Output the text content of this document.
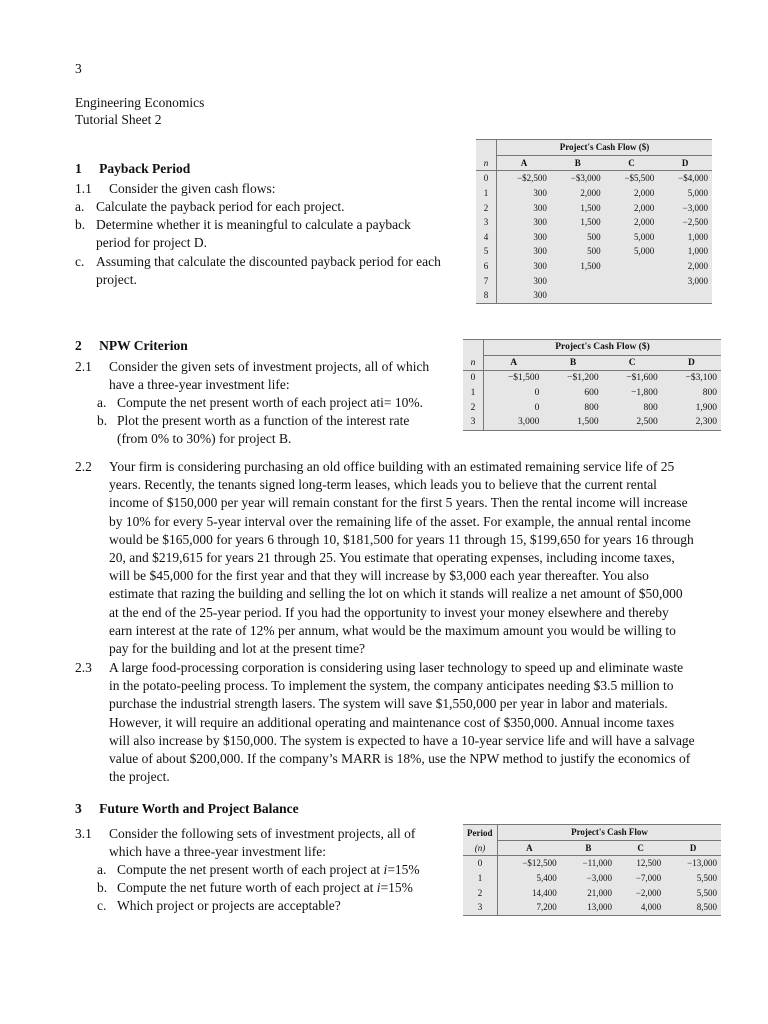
3
Engineering Economics
Tutorial Sheet 2
1 Payback Period
1.1 Consider the given cash flows:
a. Calculate the payback period for each project.
b. Determine whether it is meaningful to calculate a payback
period for project D.
c. Assuming that calculate the discounted payback period for each
project.
	Project's Cash Flow ($)			
n	A	B	C	D
0	−$2,500	−$3,000	−$5,500	−$4,000
1	300	2,000	2,000	5,000
2	300	1,500	2,000	−3,000
3	300	1,500	2,000	−2,500
4	300	500	5,000	1,000
5	300	500	5,000	1,000
6	300	1,500		2,000
7	300			3,000
8	300			
2 NPW Criterion
2.1 Consider the given sets of investment projects, all of which
have a three-year investment life:
a. Compute the net present worth of each project ati= 10%.
b. Plot the present worth as a function of the interest rate
(from 0% to 30%) for project B.
	Project's Cash Flow ($)			
n	A	B	C	D
0	−$1,500	−$1,200	−$1,600	−$3,100
1	0	600	−1,800	800
2	0	800	800	1,900
3	3,000	1,500	2,500	2,300
2.2 Your firm is considering purchasing an old office building with an estimated remaining service life of 25 years. Recently, the tenants signed long-term leases, which leads you to believe that the current rental income of $150,000 per year will remain constant for the first 5 years. Then the rental income will increase by 10% for every 5-year interval over the remaining life of the asset. For example, the annual rental income would be $165,000 for years 6 through 10, $181,500 for years 11 through 15, $199,650 for years 16 through 20, and $219,615 for years 21 through 25. You estimate that operating expenses, including income taxes, will be $45,000 for the first year and that they will increase by $3,000 each year thereafter. You also estimate that razing the building and selling the lot on which it stands will realize a net amount of $50,000 at the end of the 25-year period. If you had the opportunity to invest your money elsewhere and thereby earn interest at the rate of 12% per annum, what would be the maximum amount you would be willing to pay for the building and lot at the present time?
2.3 A large food-processing corporation is considering using laser technology to speed up and eliminate waste in the potato-peeling process. To implement the system, the company anticipates needing $3.5 million to purchase the industrial strength lasers. The system will save $1,550,000 per year in labor and materials. However, it will require an additional operating and maintenance cost of $350,000. Annual income taxes will also increase by $150,000. The system is expected to have a 10-year service life and will have a salvage value of about $200,000. If the company’s MARR is 18%, use the NPW method to justify the economics of the project.
3 Future Worth and Project Balance
3.1 Consider the following sets of investment projects, all of
which have a three-year investment life:
a. Compute the net present worth of each project at i=15%
b. Compute the net future worth of each project at i=15%
c. Which project or projects are acceptable?
Period	Project's Cash Flow			
(n)	A	B	C	D
0	−$12,500	−11,000	12,500	−13,000
1	5,400	−3,000	−7,000	5,500
2	14,400	21,000	−2,000	5,500
3	7,200	13,000	4,000	8,500
